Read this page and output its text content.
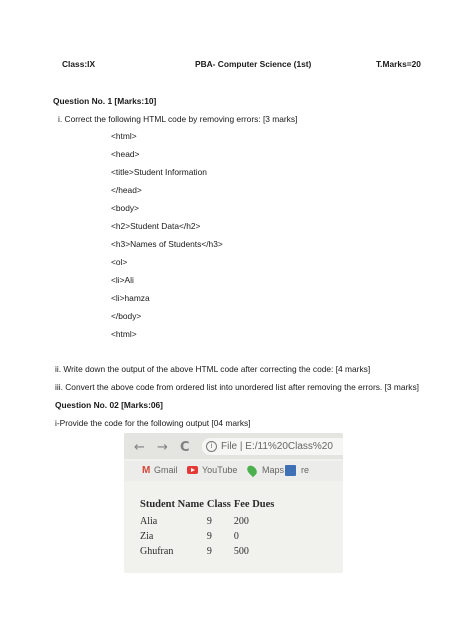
Class:IX	PBA- Computer Science (1st)	T.Marks=20
Question No. 1 [Marks:10]
i. Correct the following HTML code by removing errors: [3 marks]
<html>
<head>
<title>Student Information
</head>
<body>
<h2>Student Data</h2>
<h3>Names of Students</h3>
<ol>
<li>Ali
<li>hamza
</body>
<html>
ii. Write down the output of the above HTML code after correcting the code: [4 marks]
iii. Convert the above code from ordered list into unordered list after removing the errors. [3 marks]
Question No. 02 [Marks:06]
i-Provide the code for the following output [04 marks]
← → C	i File | E:/11%20Class%20
M Gmail	YouTube	Maps re
Student Name	Class	Fee Dues
Alia	9	200
Zia	9	0
Ghufran	9	500
